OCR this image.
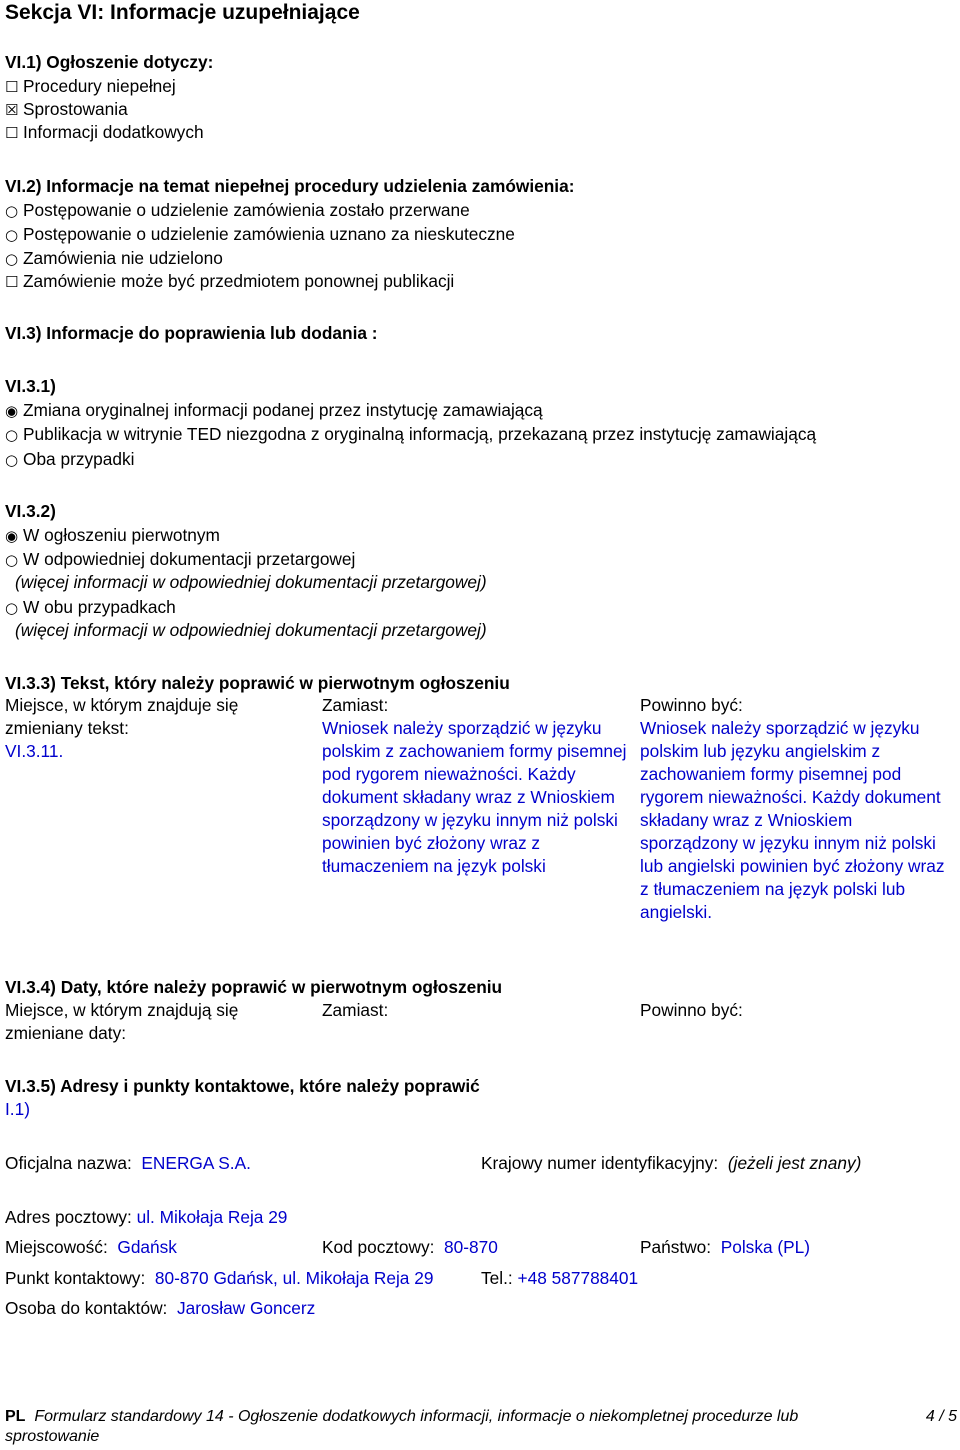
Sekcja VI: Informacje uzupełniające
VI.1) Ogłoszenie dotyczy:
☐ Procedury niepełnej
☒ Sprostowania
☐ Informacji dodatkowych
VI.2) Informacje na temat niepełnej procedury udzielenia zamówienia:
○ Postępowanie o udzielenie zamówienia zostało przerwane
○ Postępowanie o udzielenie zamówienia uznano za nieskuteczne
○ Zamówienia nie udzielono
☐ Zamówienie może być przedmiotem ponownej publikacji
VI.3) Informacje do poprawienia lub dodania :
VI.3.1)
◉ Zmiana oryginalnej informacji podanej przez instytucję zamawiającą
○ Publikacja w witrynie TED niezgodna z oryginalną informacją, przekazaną przez instytucję zamawiającą
○ Oba przypadki
VI.3.2)
◉ W ogłoszeniu pierwotnym
○ W odpowiedniej dokumentacji przetargowej
(więcej informacji w odpowiedniej dokumentacji przetargowej)
○ W obu przypadkach
(więcej informacji w odpowiedniej dokumentacji przetargowej)
VI.3.3) Tekst, który należy poprawić w pierwotnym ogłoszeniu
Miejsce, w którym znajduje się zmieniany tekst:
VI.3.11.
Zamiast:
Wniosek należy sporządzić w języku polskim z zachowaniem formy pisemnej pod rygorem nieważności. Każdy dokument składany wraz z Wnioskiem sporządzony w języku innym niż polski powinien być złożony wraz z tłumaczeniem na język polski
Powinno być:
Wniosek należy sporządzić w języku polskim lub języku angielskim z zachowaniem formy pisemnej pod rygorem nieważności. Każdy dokument składany wraz z Wnioskiem sporządzony w języku innym niż polski lub angielski powinien być złożony wraz z tłumaczeniem na język polski lub angielski.
VI.3.4) Daty, które należy poprawić w pierwotnym ogłoszeniu
Miejsce, w którym znajdują się zmieniane daty:
Zamiast:	Powinno być:
VI.3.5) Adresy i punkty kontaktowe, które należy poprawić
I.1)
Oficjalna nazwa: ENERGA S.A.	Krajowy numer identyfikacyjny: (jeżeli jest znany)
Adres pocztowy: ul. Mikołaja Reja 29
Miejscowość: Gdańsk	Kod pocztowy: 80-870	Państwo: Polska (PL)
Punkt kontaktowy: 80-870 Gdańsk, ul. Mikołaja Reja 29	Tel.: +48 587788401
Osoba do kontaktów: Jarosław Goncerz
PL Formularz standardowy 14 - Ogłoszenie dodatkowych informacji, informacje o niekompletnej procedurze lub sprostowanie
4 / 5
